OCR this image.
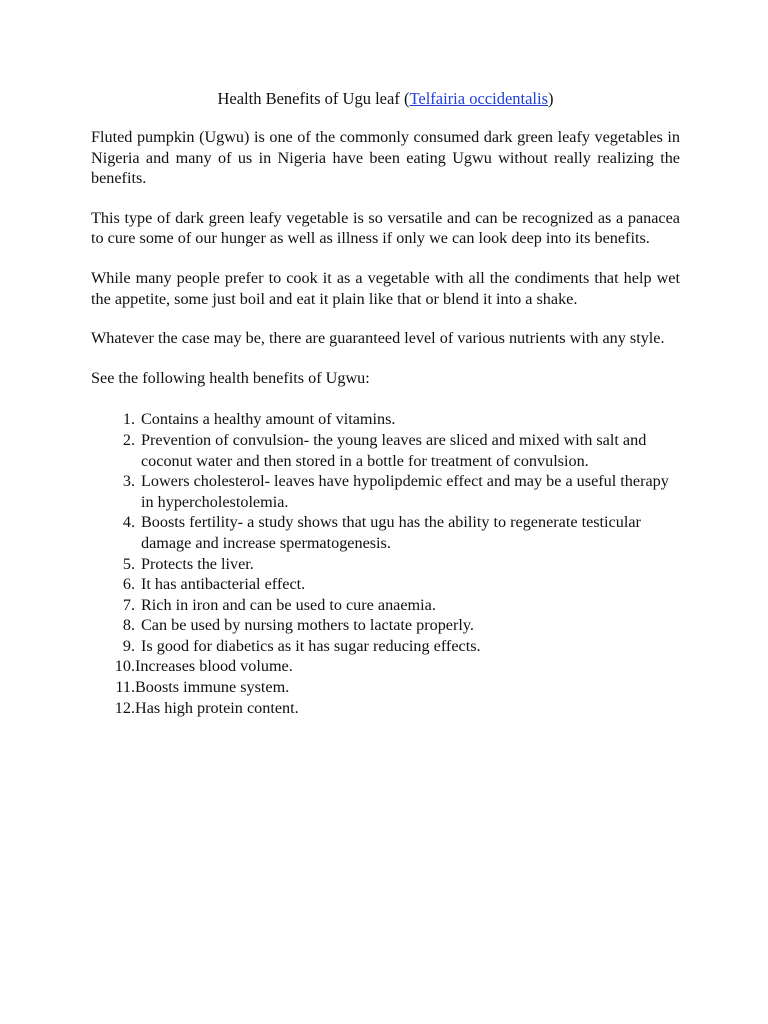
Health Benefits of Ugu leaf (Telfairia occidentalis)

Fluted pumpkin (Ugwu) is one of the commonly consumed dark green leafy vegetables in Nigeria and many of us in Nigeria have been eating Ugwu without really realizing the benefits.

This type of dark green leafy vegetable is so versatile and can be recognized as a panacea to cure some of our hunger as well as illness if only we can look deep into its benefits.

While many people prefer to cook it as a vegetable with all the condiments that help wet the appetite, some just boil and eat it plain like that or blend it into a shake.

Whatever the case may be, there are guaranteed level of various nutrients with any style.

See the following health benefits of Ugwu:

1. Contains a healthy amount of vitamins.
2. Prevention of convulsion- the young leaves are sliced and mixed with salt and coconut water and then stored in a bottle for treatment of convulsion.
3. Lowers cholesterol- leaves have hypolipdemic effect and may be a useful therapy in hypercholestolemia.
4. Boosts fertility- a study shows that ugu has the ability to regenerate testicular damage and increase spermatogenesis.
5. Protects the liver.
6. It has antibacterial effect.
7. Rich in iron and can be used to cure anaemia.
8. Can be used by nursing mothers to lactate properly.
9. Is good for diabetics as it has sugar reducing effects.
10. Increases blood volume.
11. Boosts immune system.
12. Has high protein content.
